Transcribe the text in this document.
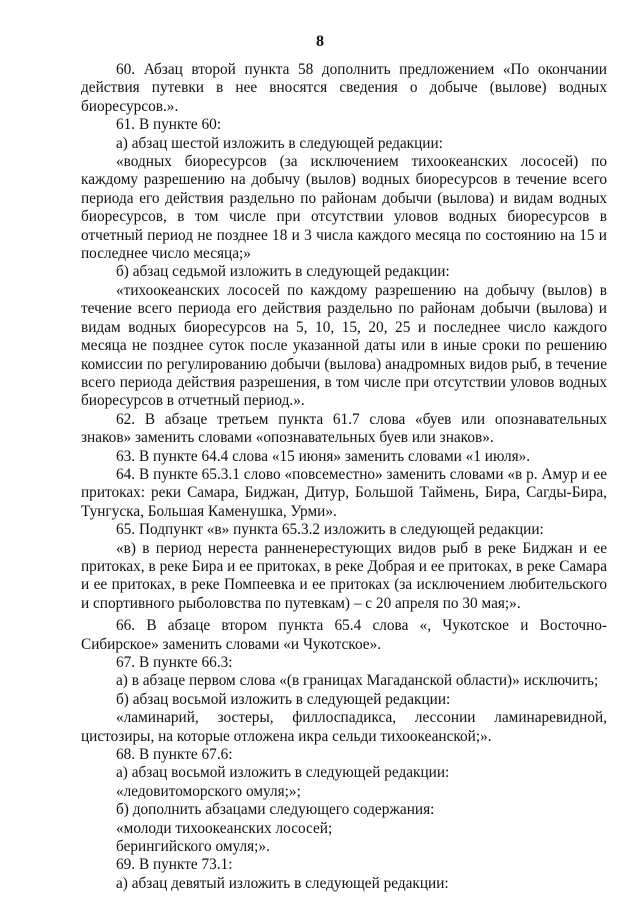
8

60. Абзац второй пункта 58 дополнить предложением «По окончании действия путевки в нее вносятся сведения о добыче (вылове) водных биоресурсов.».

61. В пункте 60:

а) абзац шестой изложить в следующей редакции:

«водных биоресурсов (за исключением тихоокеанских лососей) по каждому разрешению на добычу (вылов) водных биоресурсов в течение всего периода его действия раздельно по районам добычи (вылова) и видам водных биоресурсов, в том числе при отсутствии уловов водных биоресурсов в отчетный период не позднее 18 и 3 числа каждого месяца по состоянию на 15 и последнее число месяца;»

б) абзац седьмой изложить в следующей редакции:

«тихоокеанских лососей по каждому разрешению на добычу (вылов) в течение всего периода его действия раздельно по районам добычи (вылова) и видам водных биоресурсов на 5, 10, 15, 20, 25 и последнее число каждого месяца не позднее суток после указанной даты или в иные сроки по решению комиссии по регулированию добычи (вылова) анадромных видов рыб, в течение всего периода действия разрешения, в том числе при отсутствии уловов водных биоресурсов в отчетный период.».

62. В абзаце третьем пункта 61.7 слова «буев или опознавательных знаков» заменить словами «опознавательных буев или знаков».

63. В пункте 64.4 слова «15 июня» заменить словами «1 июля».

64. В пункте 65.3.1 слово «повсеместно» заменить словами «в р. Амур и ее притоках: реки Самара, Биджан, Дитур, Большой Таймень, Бира, Сагды-Бира, Тунгуска, Большая Каменушка, Урми».

65. Подпункт «в» пункта 65.3.2 изложить в следующей редакции:

«в) в период нереста ранненерестующих видов рыб в реке Биджан и ее притоках, в реке Бира и ее притоках, в реке Добрая и ее притоках, в реке Самара и ее притоках, в реке Помпеевка и ее притоках (за исключением любительского и спортивного рыболовства по путевкам) – с 20 апреля по 30 мая;».

66. В абзаце втором пункта 65.4 слова «, Чукотское и Восточно-Сибирское» заменить словами «и Чукотское».

67. В пункте 66.3:

а) в абзаце первом слова «(в границах Магаданской области)» исключить;

б) абзац восьмой изложить в следующей редакции:

«ламинарий, зостеры, филлоспадикса, лессонии ламинаревидной, цистозиры, на которые отложена икра сельди тихоокеанской;».

68. В пункте 67.6:

а) абзац восьмой изложить в следующей редакции:

«ледовитоморского омуля;»;

б) дополнить абзацами следующего содержания:

«молоди тихоокеанских лососей;

берингийского омуля;».

69. В пункте 73.1:

а) абзац девятый изложить в следующей редакции:
